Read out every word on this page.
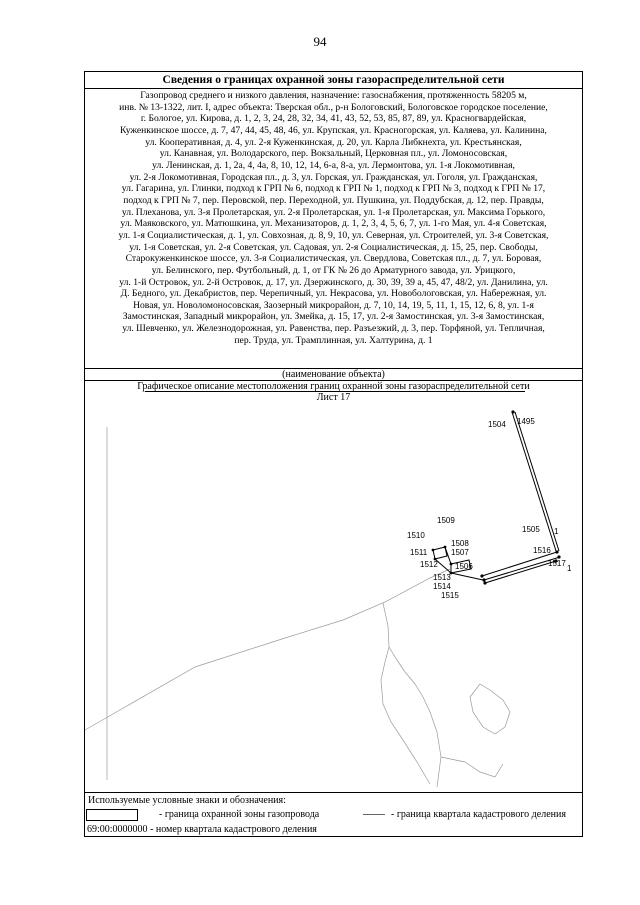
94
Сведения о границах охранной зоны газораспределительной сети
Газопровод среднего и низкого давления, назначение: газоснабжения, протяженность 58205 м,
инв. № 13-1322, лит. I, адрес объекта: Тверская обл., р-н Бологовский, Бологовское городское поселение,
г. Бологое, ул. Кирова, д. 1, 2, 3, 24, 28, 32, 34, 41, 43, 52, 53, 85, 87, 89, ул. Красногвардейская,
Куженкинское шоссе, д. 7, 47, 44, 45, 48, 46, ул. Крупская, ул. Красногорская, ул. Каляева, ул. Калинина,
ул. Кооперативная, д. 4, ул. 2-я Куженкинская, д. 20, ул. Карла Либкнехта, ул. Крестьянская,
ул. Канавная, ул. Володарского, пер. Вокзальный, Церковная пл., ул. Ломоносовская,
ул. Ленинская, д. 1, 2а, 4, 4а, 8, 10, 12, 14, 6-а, 8-а, ул. Лермонтова, ул. 1-я Локомотивная,
ул. 2-я Локомотивная, Городская пл., д. 3, ул. Горская, ул. Гражданская, ул. Гоголя, ул. Гражданская,
ул. Гагарина, ул. Глинки, подход к ГРП № 6, подход к ГРП № 1, подход к ГРП № 3, подход к ГРП № 17,
подход к ГРП № 7, пер. Перовской, пер. Переходной, ул. Пушкина, ул. Поддубская, д. 12, пер. Правды,
ул. Плеханова, ул. 3-я Пролетарская, ул. 2-я Пролетарская, ул. 1-я Пролетарская, ул. Максима Горького,
ул. Маяковского, ул. Матюшкина, ул. Механизаторов, д. 1, 2, 3, 4, 5, 6, 7, ул. 1-го Мая, ул. 4-я Советская,
ул. 1-я Социалистическая, д. 1, ул. Совхозная, д. 8, 9, 10, ул. Северная, ул. Строителей, ул. 3-я Советская,
ул. 1-я Советская, ул. 2-я Советская, ул. Садовая, ул. 2-я Социалистическая, д. 15, 25, пер. Свободы,
Старокуженкинское шоссе, ул. 3-я Социалистическая, ул. Свердлова, Советская пл., д. 7, ул. Боровая,
ул. Белинского, пер. Футбольный, д. 1, от ГК № 26 до Арматурного завода, ул. Урицкого,
ул. 1-й Островок, ул. 2-й Островок, д. 17, ул. Дзержинского, д. 30, 39, 39 а, 45, 47, 48/2, ул. Данилина, ул.
Д. Бедного, ул. Декабристов, пер. Черепичный, ул. Некрасова, ул. Новобологовская, ул. Набережная, ул.
Новая, ул. Новоломоносовская, Заозерный микрорайон, д. 7, 10, 14, 19, 5, 11, 1, 15, 12, 6, 8, ул. 1-я
Замостинская, Западный микрорайон, ул. Змейка, д. 15, 17, ул. 2-я Замостинская, ул. 3-я Замостинская,
ул. Шевченко, ул. Железнодорожная, ул. Равенства, пер. Разъезжий, д. 3, пер. Торфяной, ул. Тепличная,
пер. Труда, ул. Трамплинная, ул. Халтурина, д. 1
(наименование объекта)
Графическое описание местоположения границ охранной зоны газораспределительной сети
Лист 17
1504 1495
1509
1510
1508
1511	1507
1512 1506
1505 1
1516
1517
1
1513
1514
1515
Используемые условные знаки и обозначения:
- граница охранной зоны газопровода	- граница квартала кадастрового деления
69:00:0000000 - номер квартала кадастрового деления
